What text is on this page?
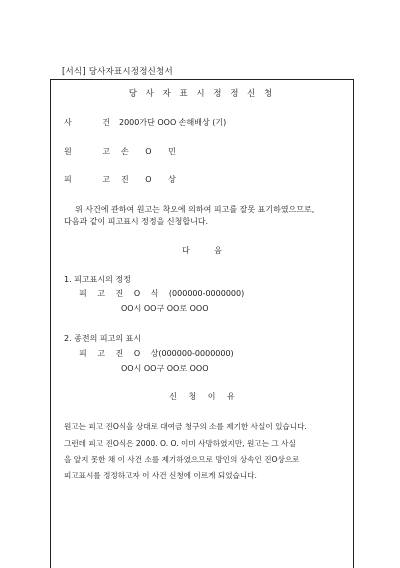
[서식] 당사자표시정정신청서
당 사 자 표 시 정 정 신 청
사 건
2000가단 OOO 손해배상 (기)
원 고
손 O 민
피 고
진 O 상
위 사건에 관하여 원고는 착오에 의하여 피고를 잘못 표기하였으므로,
다음과 같이 피고표시 정정을 신청합니다.
다 음
1. 피고표시의 정정
피 고 진 O 식 (000000-0000000)
OO시 OO구 OO로 OOO
2. 종전의 피고의 표시
피 고 진 O 상(000000-0000000)
OO시 OO구 OO로 OOO
신 청 이 유
원고는 피고 진O식을 상대로 대여금 청구의 소를 제기한 사실이 있습니다.
그런데 피고 진O식은 2000. O. O. 이미 사망하였지만, 원고는 그 사실
을 알지 못한 채 이 사건 소를 제기하였으므로 망인의 상속인 진O상으로
피고표시를 정정하고자 이 사건 신청에 이르게 되었습니다.
